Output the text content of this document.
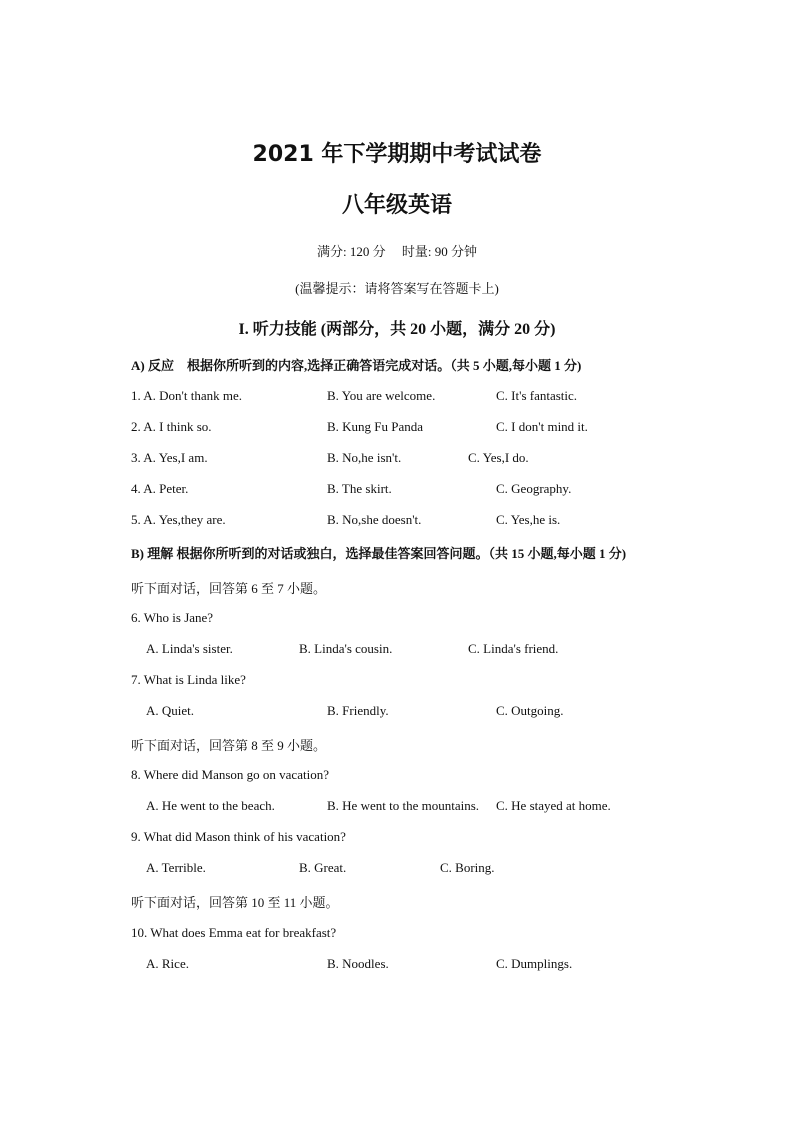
2021 年下学期期中考试试卷
八年级英语
满分: 120 分　 时量: 90 分钟
(温馨提示：请将答案写在答题卡上)
I. 听力技能 (两部分，共 20 小题，满分 20 分)
A) 反应　根据你所听到的内容,选择正确答语完成对话。（共 5 小题,每小题 1 分)
1. A. Don't thank me.	B. You are welcome.	C. It's fantastic.
2. A. I think so.	B. Kung Fu Panda	C. I don't mind it.
3. A. Yes,I am.	B. No,he isn't.	C. Yes,I do.
4. A. Peter.	B. The skirt.	C. Geography.
5. A. Yes,they are.	B. No,she doesn't.	C. Yes,he is.
B) 理解 根据你所听到的对话或独白，选择最佳答案回答问题。（共 15 小题,每小题 1 分)
听下面对话，回答第 6 至 7 小题。
6. Who is Jane?
A. Linda's sister.	B. Linda's cousin.	C. Linda's friend.
7. What is Linda like?
A. Quiet.	B. Friendly.	C. Outgoing.
听下面对话，回答第 8 至 9 小题。
8. Where did Manson go on vacation?
A. He went to the beach.	B. He went to the mountains. C. He stayed at home.
9. What did Mason think of his vacation?
A. Terrible.	B. Great.	C. Boring.
听下面对话，回答第 10 至 11 小题。
10. What does Emma eat for breakfast?
A. Rice.	B. Noodles.	C. Dumplings.
